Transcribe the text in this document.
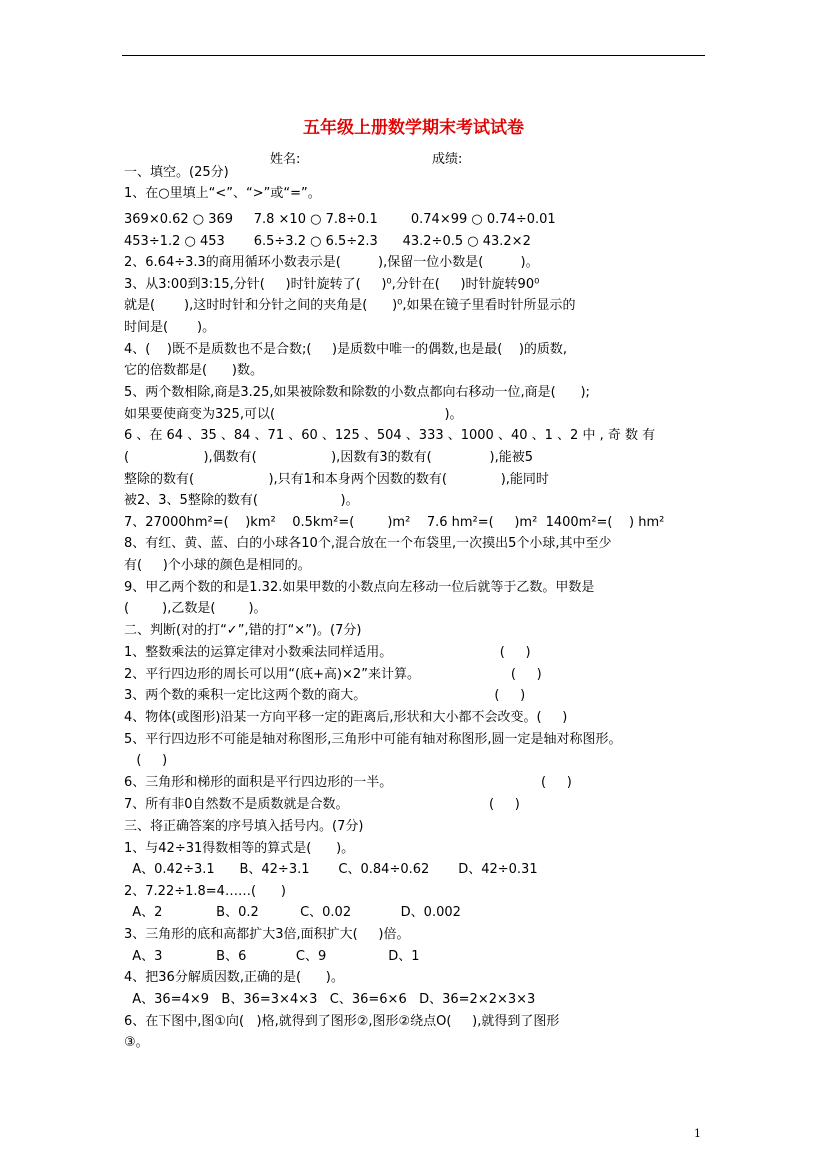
五年级上册数学期末考试试卷
姓名:	成绩:
一、填空。(25分)
1、在○里填上“<”、“>”或“=”。
369×0.62 ○ 369     7.8 ×10 ○ 7.8÷0.1        0.74×99 ○ 0.74÷0.01
453÷1.2 ○ 453       6.5÷3.2 ○ 6.5÷2.3      43.2÷0.5 ○ 43.2×2
2、6.64÷3.3的商用循环小数表示是(         ),保留一位小数是(         )。
3、从3:00到3:15,分针(     )时针旋转了(     )⁰,分针在(     )时针旋转90⁰
就是(       ),这时时针和分针之间的夹角是(      )⁰,如果在镜子里看时针所显示的
时间是(       )。
4、(    )既不是质数也不是合数;(     )是质数中唯一的偶数,也是最(    )的质数,
它的倍数都是(      )数。
5、两个数相除,商是3.25,如果被除数和除数的小数点都向右移动一位,商是(      );
如果要使商变为325,可以(                                         )。
6 、在 64 、35 、84 、71 、60 、125 、504 、333 、1000 、40 、1 、2 中 , 奇 数 有
(                  ),偶数有(                  ),因数有3的数有(              ),能被5
整除的数有(                  ),只有1和本身两个因数的数有(             ),能同时
被2、3、5整除的数有(                    )。
7、27000hm²=(    )km²    0.5km²=(        )m²    7.6 hm²=(     )m²  1400m²=(    ) hm²
8、有红、黄、蓝、白的小球各10个,混合放在一个布袋里,一次摸出5个小球,其中至少
有(     )个小球的颜色是相同的。
9、甲乙两个数的和是1.32.如果甲数的小数点向左移动一位后就等于乙数。甲数是
(        ),乙数是(        )。
二、判断(对的打“✓”,错的打“×”)。(7分)
1、整数乘法的运算定律对小数乘法同样适用。                          (     )
2、平行四边形的周长可以用“(底+高)×2”来计算。                      (     )
3、两个数的乘积一定比这两个数的商大。                               (     )
4、物体(或图形)沿某一方向平移一定的距离后,形状和大小都不会改变。(     )
5、平行四边形不可能是轴对称图形,三角形中可能有轴对称图形,圆一定是轴对称图形。
(     )
6、三角形和梯形的面积是平行四边形的一半。                                    (     )
7、所有非0自然数不是质数就是合数。                                  (     )
三、将正确答案的序号填入括号内。(7分)
1、与42÷31得数相等的算式是(      )。
A、0.42÷3.1      B、42÷3.1       C、0.84÷0.62       D、42÷0.31
2、7.22÷1.8=4……(      )
A、2             B、0.2          C、0.02            D、0.002
3、三角形的底和高都扩大3倍,面积扩大(     )倍。
A、3             B、6            C、9               D、1
4、把36分解质因数,正确的是(      )。
A、36=4×9   B、36=3×4×3   C、36=6×6   D、36=2×2×3×3
6、在下图中,图①向(   )格,就得到了图形②,图形②绕点O(     ),就得到了图形
③。
1
